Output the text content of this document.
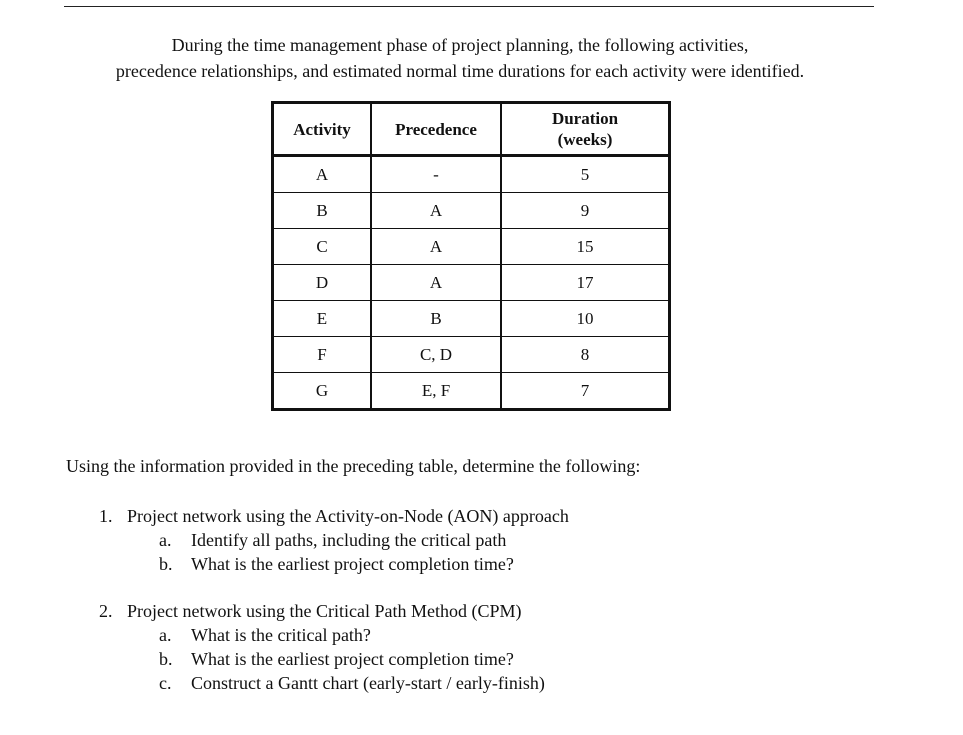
During the time management phase of project planning, the following activities,
precedence relationships, and estimated normal time durations for each activity were identified.

Activity	Precedence	Duration
(weeks)
A	-	5
B	A	9
C	A	15
D	A	17
E	B	10
F	C, D	8
G	E, F	7

Using the information provided in the preceding table, determine the following:

1. Project network using the Activity-on-Node (AON) approach
a. Identify all paths, including the critical path
b. What is the earliest project completion time?
2. Project network using the Critical Path Method (CPM)
a. What is the critical path?
b. What is the earliest project completion time?
c. Construct a Gantt chart (early-start / early-finish)
